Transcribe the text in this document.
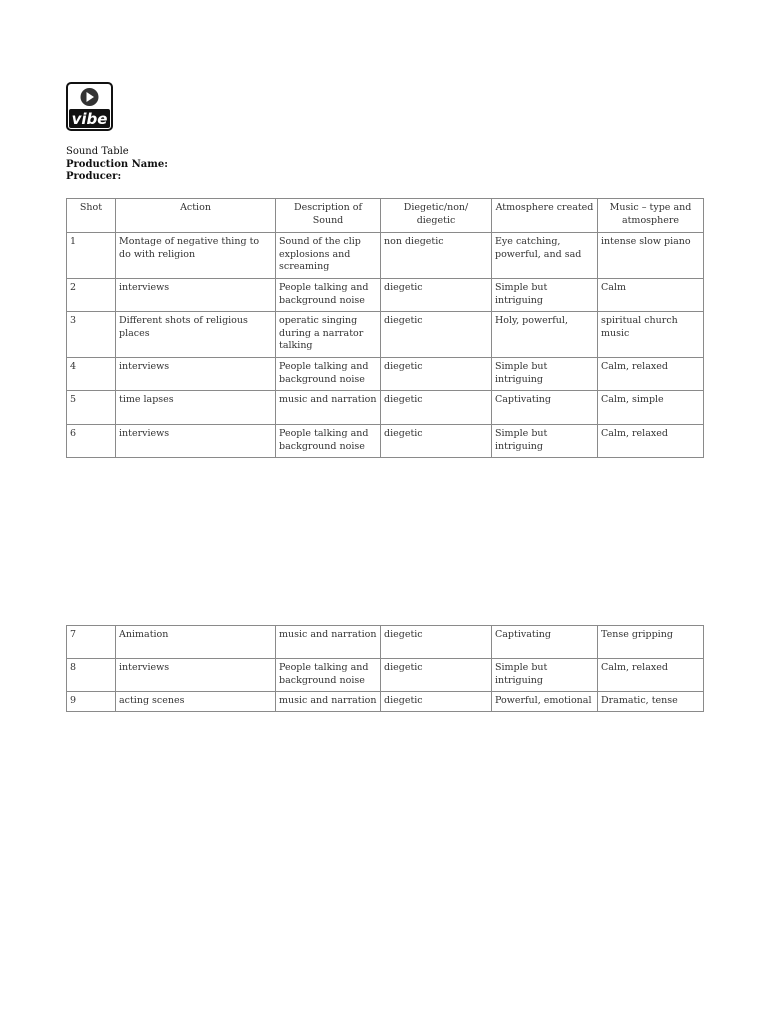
vibe
Sound Table
Production Name:
Producer:
Shot	Action	Description of Sound	Diegetic/non/ diegetic	Atmosphere created	Music – type and atmosphere
1	Montage of negative thing to do with religion	Sound of the clip explosions and screaming	non diegetic	Eye catching, powerful, and sad	intense slow piano
2	interviews	People talking and background noise	diegetic	Simple but intriguing	Calm
3	Different shots of religious places	operatic singing during a narrator talking	diegetic	Holy, powerful,	spiritual church music
4	interviews	People talking and background noise	diegetic	Simple but intriguing	Calm, relaxed
5	time lapses	music and narration	diegetic	Captivating	Calm, simple
6	interviews	People talking and background noise	diegetic	Simple but intriguing	Calm, relaxed
7	Animation	music and narration	diegetic	Captivating	Tense gripping
8	interviews	People talking and background noise	diegetic	Simple but intriguing	Calm, relaxed
9	acting scenes	music and narration	diegetic	Powerful, emotional	Dramatic, tense
